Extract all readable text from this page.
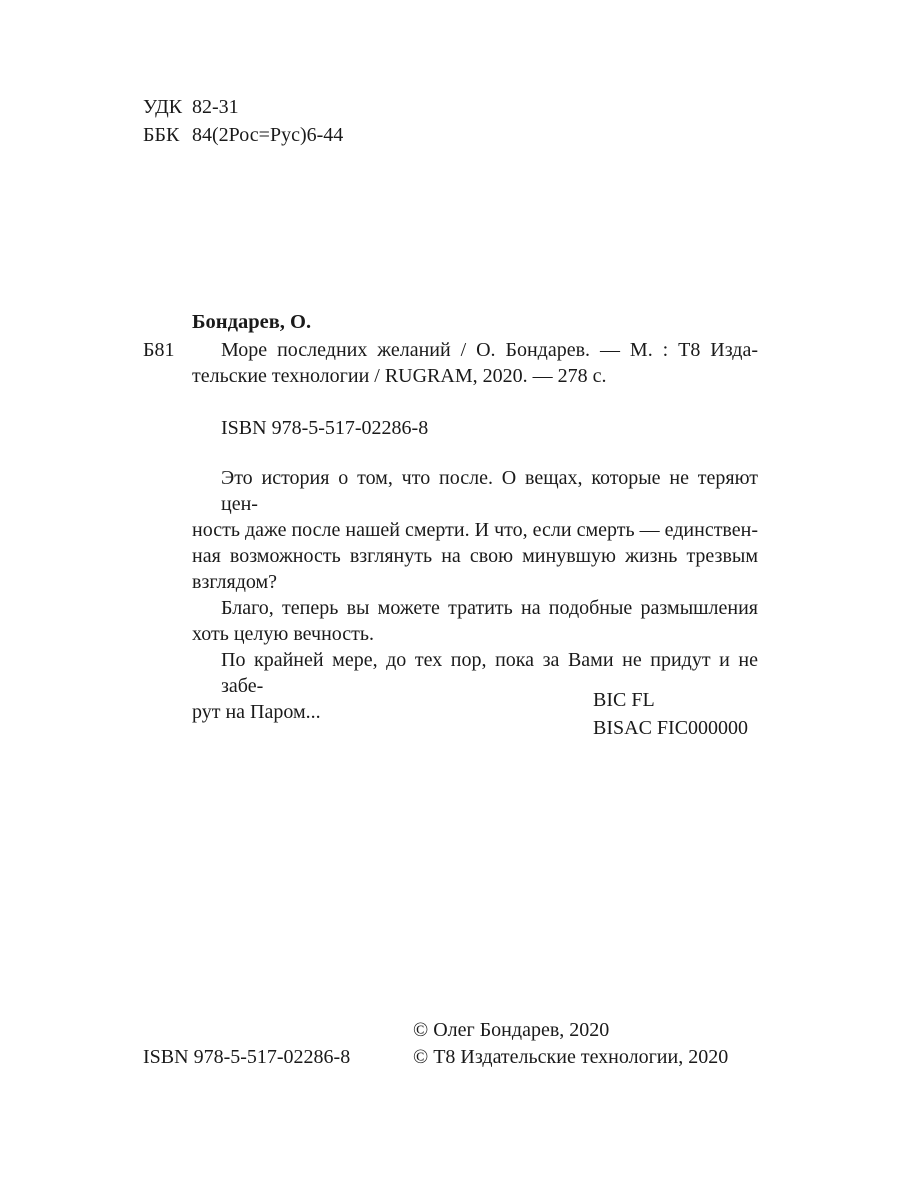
УДК 82-31
ББК 84(2Рос=Рус)6-44
Бондарев, О.
Б81	Море последних желаний / О. Бондарев. — М. : Т8 Изда-
тельские технологии / RUGRAM, 2020. — 278 с.
ISBN 978-5-517-02286-8

Это история о том, что после. О вещах, которые не теряют цен-
ность даже после нашей смерти. И что, если смерть — единствен-
ная возможность взглянуть на свою минувшую жизнь трезвым
взглядом?

Благо, теперь вы можете тратить на подобные размышления
хоть целую вечность.

По крайней мере, до тех пор, пока за Вами не придут и не забе-
рут на Паром...

BIC FL
BISAC FIC000000
ISBN 978-5-517-02286-8
© Олег Бондарев, 2020
© Т8 Издательские технологии, 2020
